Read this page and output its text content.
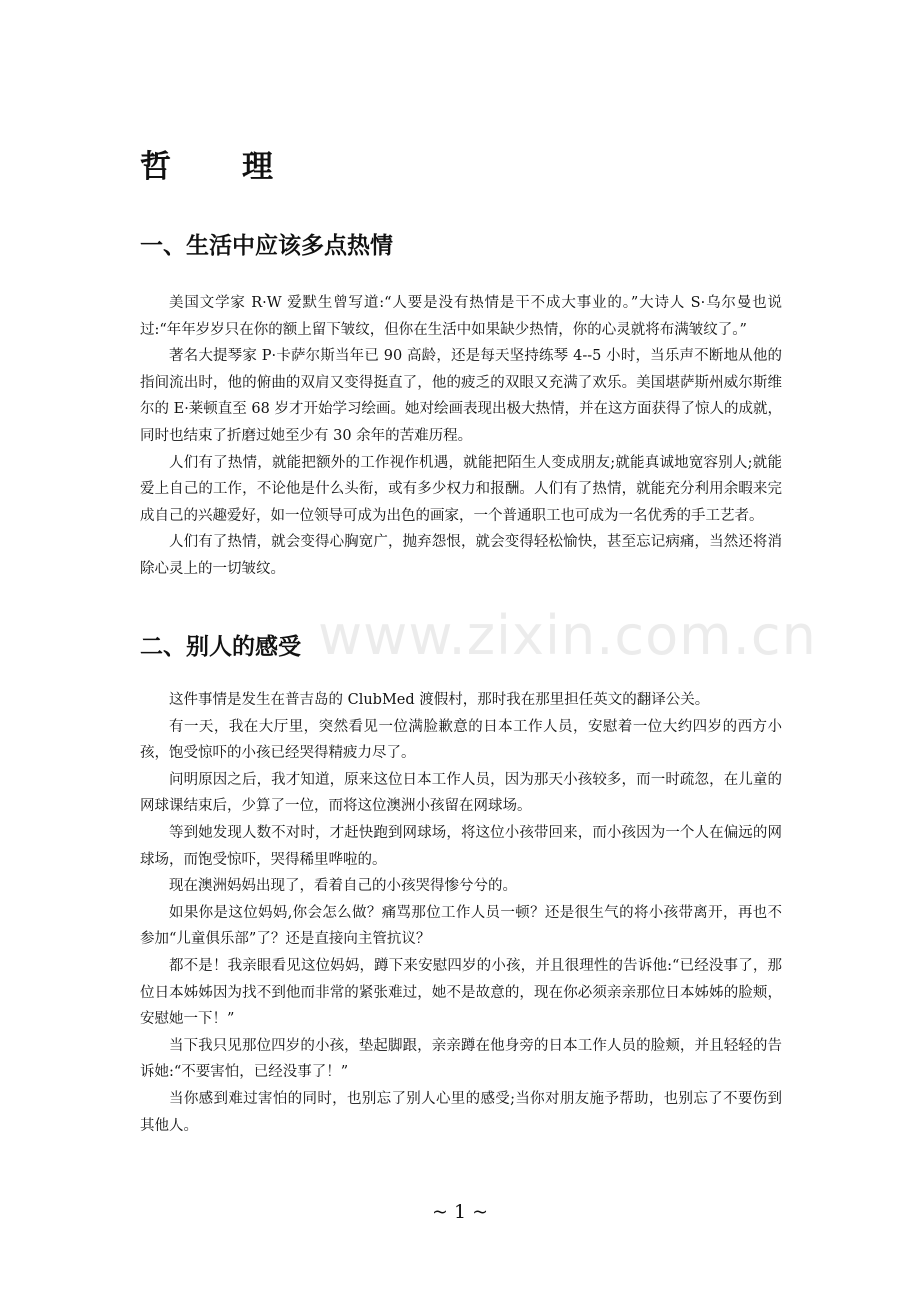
哲　理
一、生活中应该多点热情

美国文学家 R·W 爱默生曾写道:“人要是没有热情是干不成大事业的。”大诗人 S·乌尔曼也说过:“年年岁岁只在你的额上留下皱纹，但你在生活中如果缺少热情，你的心灵就将布满皱纹了。”

著名大提琴家 P·卡萨尔斯当年已 90 高龄，还是每天坚持练琴 4--5 小时，当乐声不断地从他的指间流出时，他的俯曲的双肩又变得挺直了，他的疲乏的双眼又充满了欢乐。美国堪萨斯州威尔斯维尔的 E·莱顿直至 68 岁才开始学习绘画。她对绘画表现出极大热情，并在这方面获得了惊人的成就，同时也结束了折磨过她至少有 30 余年的苦难历程。

人们有了热情，就能把额外的工作视作机遇，就能把陌生人变成朋友;就能真诚地宽容别人;就能爱上自己的工作，不论他是什么头衔，或有多少权力和报酬。人们有了热情，就能充分利用余暇来完成自己的兴趣爱好，如一位领导可成为出色的画家，一个普通职工也可成为一名优秀的手工艺者。

人们有了热情，就会变得心胸宽广，抛弃怨恨，就会变得轻松愉快，甚至忘记病痛，当然还将消除心灵上的一切皱纹。

二、别人的感受

这件事情是发生在普吉岛的 ClubMed 渡假村，那时我在那里担任英文的翻译公关。

有一天，我在大厅里，突然看见一位满脸歉意的日本工作人员，安慰着一位大约四岁的西方小孩，饱受惊吓的小孩已经哭得精疲力尽了。

问明原因之后，我才知道，原来这位日本工作人员，因为那天小孩较多，而一时疏忽，在儿童的网球课结束后，少算了一位，而将这位澳洲小孩留在网球场。

等到她发现人数不对时，才赶快跑到网球场，将这位小孩带回来，而小孩因为一个人在偏远的网球场，而饱受惊吓，哭得稀里哗啦的。

现在澳洲妈妈出现了，看着自己的小孩哭得惨兮兮的。

如果你是这位妈妈,你会怎么做？痛骂那位工作人员一顿？还是很生气的将小孩带离开，再也不参加“儿童俱乐部”了？还是直接向主管抗议？

都不是！我亲眼看见这位妈妈，蹲下来安慰四岁的小孩，并且很理性的告诉他:“已经没事了，那位日本姊姊因为找不到他而非常的紧张难过，她不是故意的，现在你必须亲亲那位日本姊姊的脸颊，安慰她一下！”

当下我只见那位四岁的小孩，垫起脚跟，亲亲蹲在他身旁的日本工作人员的脸颊，并且轻轻的告诉她:“不要害怕，已经没事了！”

当你感到难过害怕的同时，也别忘了别人心里的感受;当你对朋友施予帮助，也别忘了不要伤到其他人。

www.zixin.com.cn
~ 1 ~
